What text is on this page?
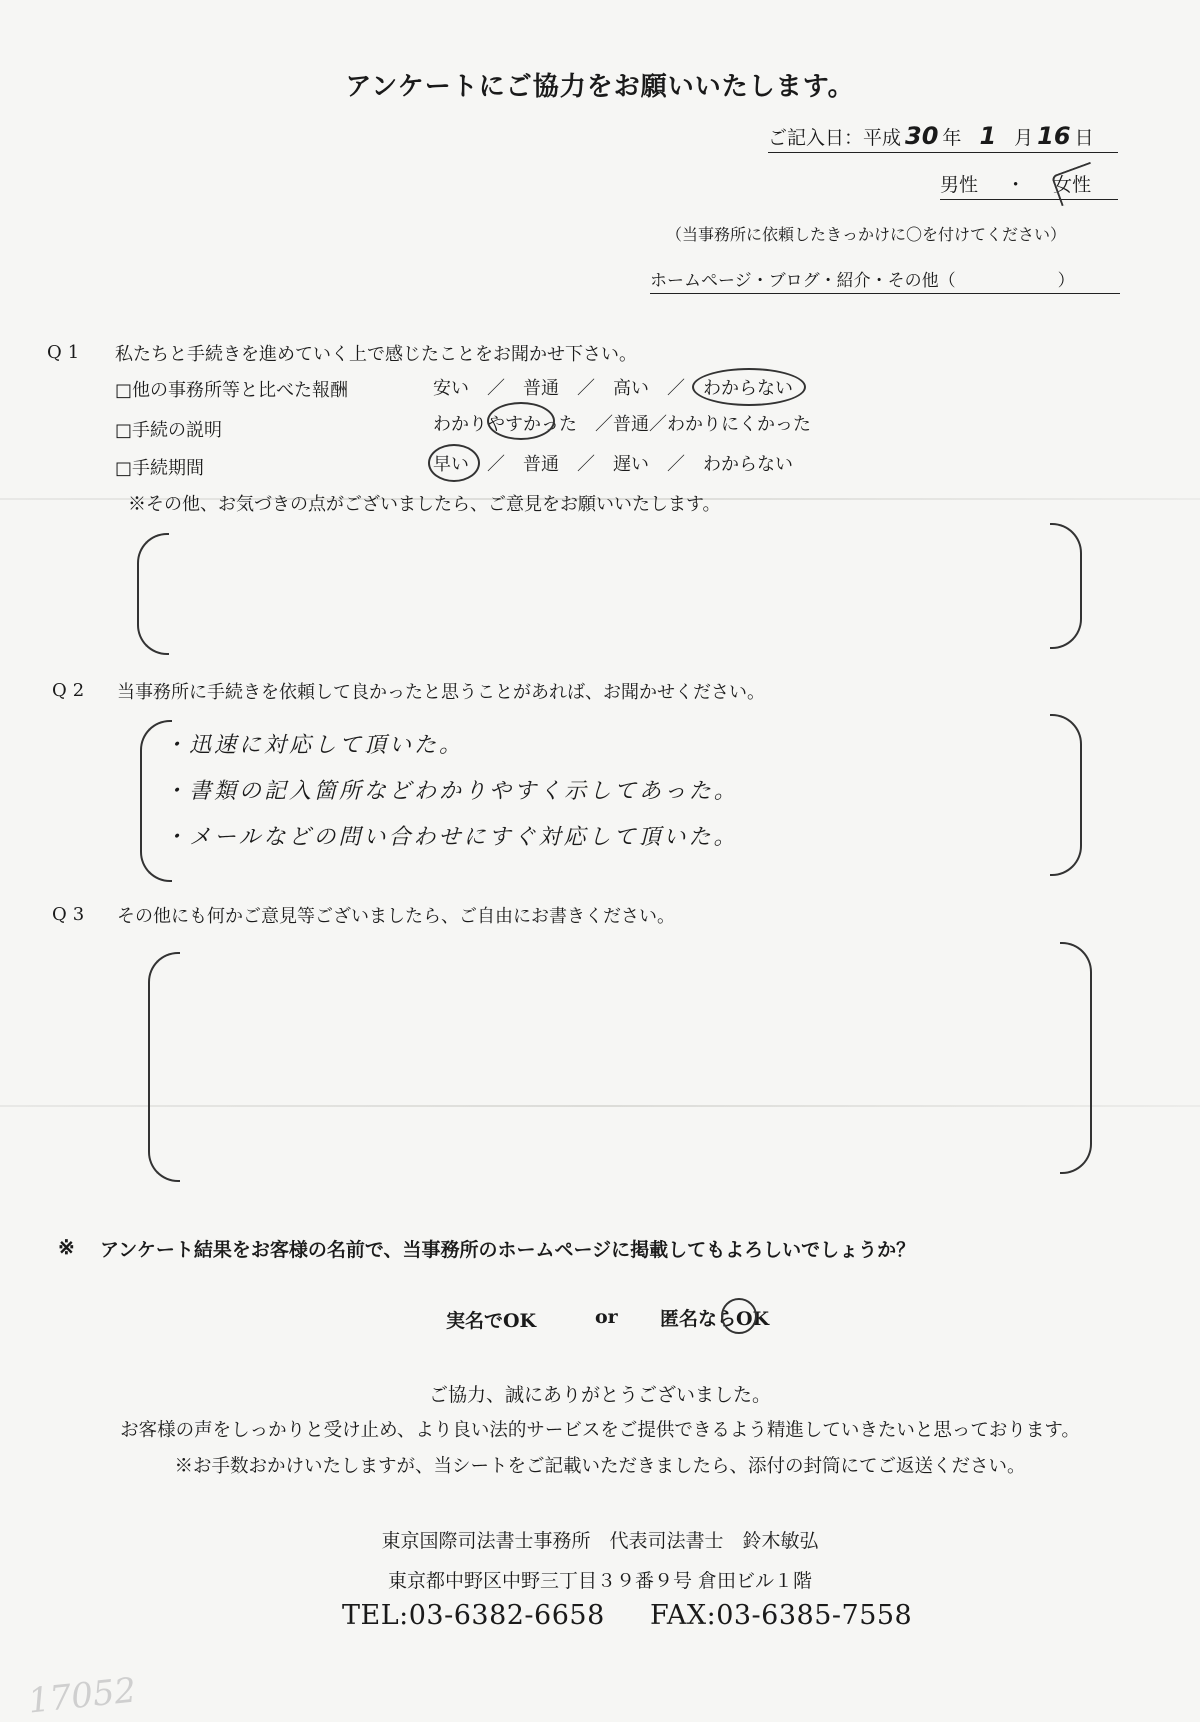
アンケートにご協力をお願いいたします。
ご記入日：平成 30 年 1 月 16 日
男性 ・ 女性
（当事務所に依頼したきっかけに〇を付けてください）
ホームページ・ブログ・紹介・その他（　　　　　　）
Q1 私たちと手続きを進めていく上で感じたことをお聞かせ下さい。
□他の事務所等と比べた報酬	安い　／　普通　／　高い　／　わからない
□手続の説明	わかりやすかった　／普通／わかりにくかった
□手続期間	早い　／　普通　／　遅い　／　わからない
※その他、お気づきの点がございましたら、ご意見をお願いいたします。
Q2 当事務所に手続きを依頼して良かったと思うことがあれば、お聞かせください。
・迅速に対応して頂いた。
・書類の記入箇所などわかりやすく示してあった。
・メールなどの問い合わせにすぐ対応して頂いた。
Q3 その他にも何かご意見等ございましたら、ご自由にお書きください。
※ アンケート結果をお客様の名前で、当事務所のホームページに掲載してもよろしいでしょうか？
実名でOK	or 匿名ならOK
ご協力、誠にありがとうございました。
お客様の声をしっかりと受け止め、より良い法的サービスをご提供できるよう精進していきたいと思っております。
※お手数おかけいたしますが、当シートをご記載いただきましたら、添付の封筒にてご返送ください。
東京国際司法書士事務所　代表司法書士　鈴木敏弘
東京都中野区中野三丁目３９番９号 倉田ビル１階
TEL:03-6382-6658 FAX:03-6385-7558
17052
